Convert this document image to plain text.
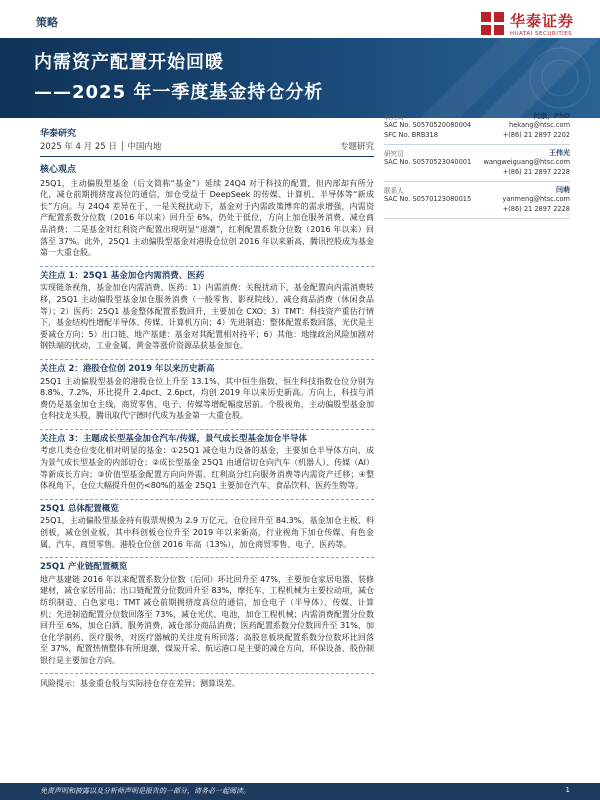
策略	华泰证券
HUATAI SECURITIES
内需资产配置开始回暖
——2025 年一季度基金持仓分析
华泰研究
2025 年 4 月 25 日 │ 中国内地	专题研究
核心观点

25Q1，主动偏股型基金（后文简称“基金”）延续 24Q4 对于科技的配置，但内部却有所分化，减仓前期拥挤度高位的通信，加仓受益于 DeepSeek 的传媒、计算机、半导体等“新成长”方向。与 24Q4 差异在于，一是关税扰动下，基金对于内需政策博弈的需求增强，内需资产配置系数分位数（2016 年以来）回升至 6%，仍处于低位，方向上加仓服务消费、减仓商品消费；二是基金对红利资产配置出现明显“退潮”，红利配置系数分位数（2016 年以来）回落至 37%。此外，25Q1 主动偏股型基金对港股仓位创 2016 年以来新高，腾讯控股成为基金第一大重仓股。

关注点 1：25Q1 基金加仓内需消费、医药

实现链条视角，基金加仓内需消费、医药：1）内需消费：关税扰动下，基金配置向内需消费转移，25Q1 主动偏股型基金加仓服务消费（一般零售、影视院线）、减仓商品消费（休闲食品等）；2）医药：25Q1 基金整体配置系数回升，主要加仓 CXO；3）TMT：科技资产重估行情下，基金结构性增配半导体、传媒、计算机方向；4）先进制造：整体配置系数回落，光伏是主要减仓方向；5）出口链、地产基建：基金对其配置相对持平；6）其他：地缘政治风险加剧对钢铁端的扰动，工业金属、黄金等涨价资源品获基金加仓。

关注点 2：港股仓位创 2019 年以来历史新高

25Q1 主动偏股型基金的港股仓位上升至 13.1%，其中恒生指数、恒生科技指数仓位分别为 8.8%、7.2%，环比提升 2.4pct、2.6pct，均创 2019 年以来历史新高。方向上，科技与消费仍是基金加仓主线，商贸零售、电子、传媒等增配幅度居前。个股视角，主动偏股型基金加仓科技龙头股，腾讯取代宁德时代成为基金第一大重仓股。

关注点 3：主题成长型基金加仓汽车/传媒，景气成长型基金加仓半导体

考虑几类仓位变化相对明显的基金：①25Q1 减仓电力设备的基金，主要加仓半导体方向，成为景气成长型基金的内部切仓；②成长型基金 25Q1 由通信切仓向汽车（机器人）、传媒（AI）等新成长方向；③价值型基金配置方向向外需、红利高分红向服务消费等内需资产迁移；④整体视角下，仓位大幅提升但仍<80%的基金 25Q1 主要加仓汽车、食品饮料、医药生物等。

25Q1 总体配置概览

25Q1，主动偏股型基金持有股票规模为 2.9 万亿元，仓位回升至 84.3%。基金加仓主板、科创板，减仓创业板，其中科创板仓位升至 2019 年以来新高，行业视角下加仓传媒、有色金属、汽车、商贸零售。港股仓位创 2016 年高（13%），加仓商贸零售、电子、医药等。

25Q1 产业链配置概览

地产基建链 2016 年以来配置系数分位数（后同）环比回升至 47%，主要加仓家居电器、装修建材，减仓家居用品；出口链配置分位数回升至 83%，摩托车、工程机械为主要拉动项，减仓纺织制造、白色家电；TMT 减仓前期拥挤度高位的通信，加仓电子（半导体）、传媒、计算机；先进制造配置分位数回落至 73%，减仓光伏、电池，加仓工程机械；内需消费配置分位数回升至 6%，加仓白酒、服务消费，减仓部分商品消费；医药配置系数分位数回升至 31%，加仓化学制药、医疗服务，对医疗器械的关注度有所回落；高股息板块配置系数分位数环比回落至 37%，配置热情整体有所退潮，煤炭开采、航运港口是主要的减仓方向，环保设备、股份制银行是主要加仓方向。

风险提示：基金重仓股与实际持仓存在差异；测算误差。

研究员	何康，PhD
SAC No. S0570520080004	hekang@htsc.com
SFC No. BRB318	+(86) 21 2897 2202
研究员	王伟光
SAC No. S0570523040001 wangweiguang@htsc.com
+(86) 21 2897 2228
联系人	闫萌
SAC No. S0570123080015	yanmeng@htsc.com
+(86) 21 2897 2228
免责声明和披露以及分析师声明是报告的一部分，请务必一起阅读。	1
